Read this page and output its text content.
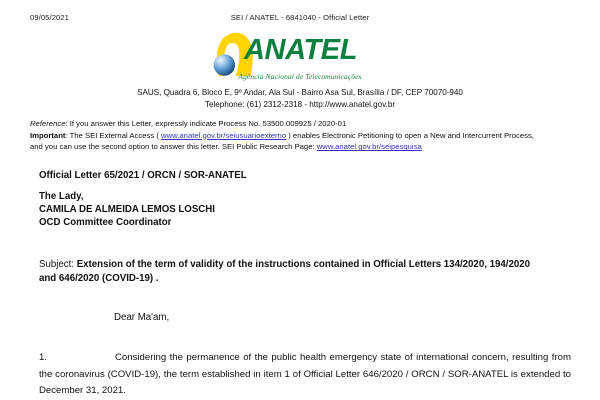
09/05/2021	SEI / ANATEL - 6841040 - Official Letter
ANATEL
Agência Nacional de Telecomunicações
SAUS, Quadra 6, Bloco E, 9º Andar, Ala Sul - Bairro Asa Sul, Brasília / DF, CEP 70070-940
Telephone: (61) 2312-2318 - http://www.anatel.gov.br
Reference: If you answer this Letter, expressly indicate Process No. 53500.009925 / 2020-01
Important: The SEI External Access ( www.anatel.gov.br/seiusuarioexterno ) enables Electronic Petitioning to open a New and Intercurrent Process, and you can use the second option to answer this letter. SEI Public Research Page: www.anatel.gov.br/seipesquisa
Official Letter 65/2021 / ORCN / SOR-ANATEL
The Lady,
CAMILA DE ALMEIDA LEMOS LOSCHI
OCD Committee Coordinator
Subject: Extension of the term of validity of the instructions contained in Official Letters 134/2020, 194/2020 and 646/2020 (COVID-19) .
Dear Ma'am,
1.	Considering the permanence of the public health emergency state of international concern, resulting from the coronavirus (COVID-19), the term established in item 1 of Official Letter 646/2020 / ORCN / SOR-ANATEL is extended to December 31, 2021.
